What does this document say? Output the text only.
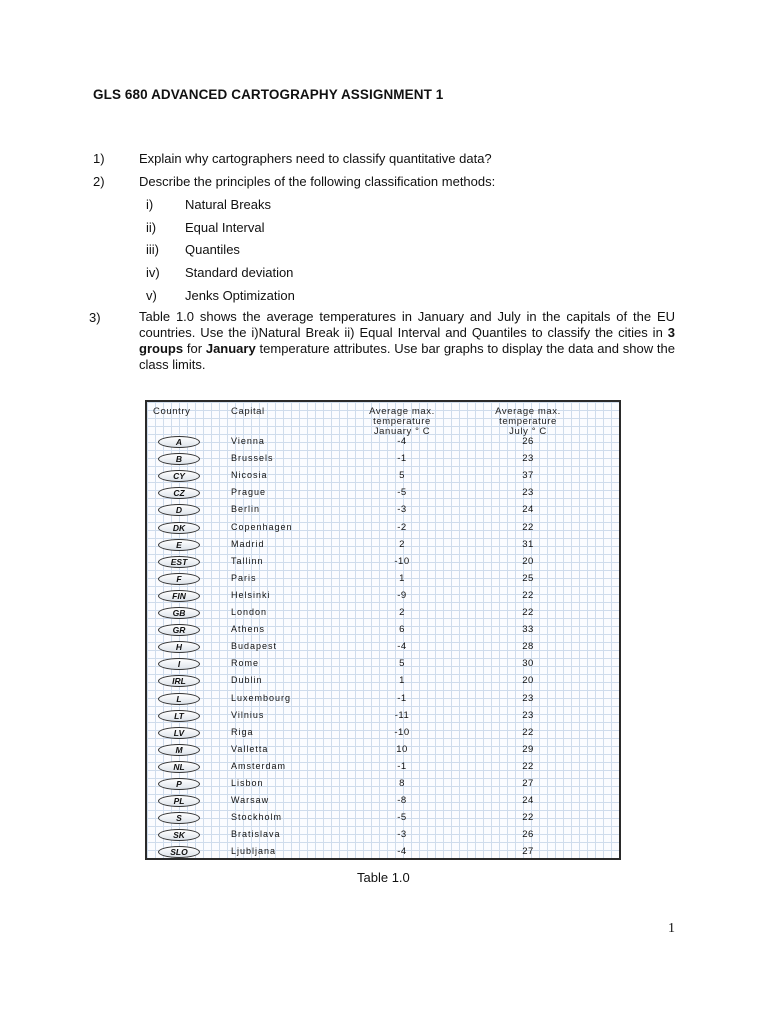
GLS 680 ADVANCED CARTOGRAPHY ASSIGNMENT 1
1)	Explain why cartographers need to classify quantitative data?
2)	Describe the principles of the following classification methods:
i) Natural Breaks
ii) Equal Interval
iii) Quantiles
iv) Standard deviation
v) Jenks Optimization
3)	Table 1.0 shows the average temperatures in January and July in the capitals of the EU countries. Use the i)Natural Break ii) Equal Interval and Quantiles to classify the cities in 3 groups for January temperature attributes. Use bar graphs to display the data and show the class limits.
Country	Capital	Average max.
temperature
January ° C
Average max.
temperature
July ° C
A	Vienna	-4	26
B	Brussels	-1	23
CY	Nicosia	5	37
CZ	Prague	-5	23
D	Berlin	-3	24
DK	Copenhagen	-2	22
E	Madrid	2	31
EST	Tallinn	-10	20
F	Paris	1	25
FIN	Helsinki	-9	22
GB	London	2	22
GR	Athens	6	33
H	Budapest	-4	28
I	Rome	5	30
IRL	Dublin	1	20
L	Luxembourg	-1	23
LT	Vilnius	-11	23
LV	Riga	-10	22
M	Valletta	10	29
NL	Amsterdam	-1	22
P	Lisbon	8	27
PL	Warsaw	-8	24
S	Stockholm	-5	22
SK	Bratislava	-3	26
SLO	Ljubljana	-4	27
Table 1.0
1
